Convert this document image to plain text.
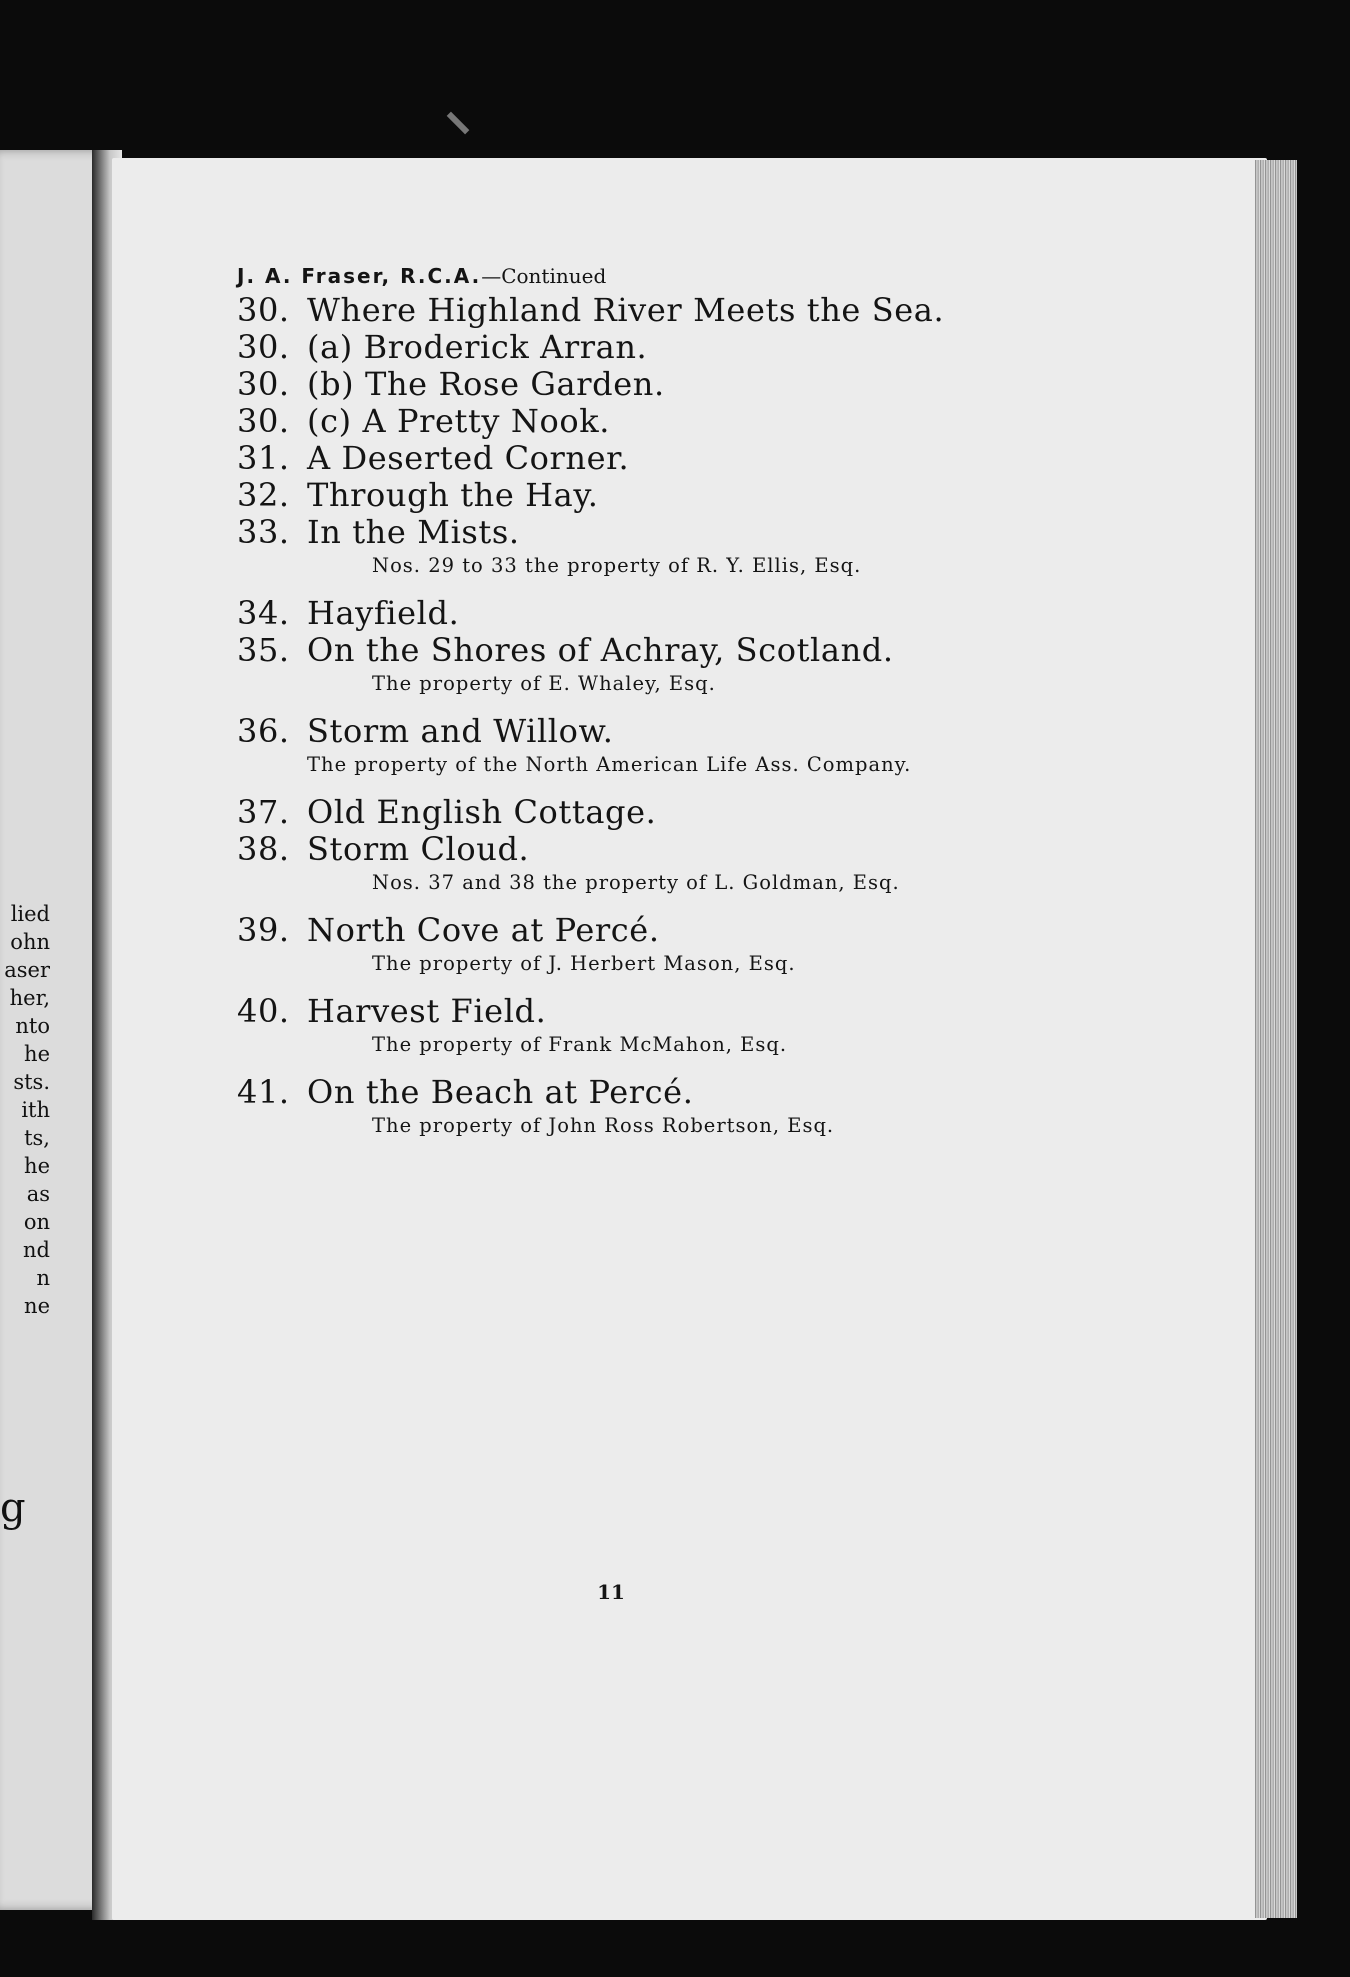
lied
ohn
aser
her,
nto
he
sts.
ith
ts,
he
as
on
nd
n
ne
g
J. A. Fraser, R.C.A.—Continued
30. Where Highland River Meets the Sea.
30. (a) Broderick Arran.
30. (b) The Rose Garden.
30. (c) A Pretty Nook.
31. A Deserted Corner.
32. Through the Hay.
33. In the Mists.
Nos. 29 to 33 the property of R. Y. Ellis, Esq.
34. Hayfield.
35. On the Shores of Achray, Scotland.
The property of E. Whaley, Esq.
36. Storm and Willow.
The property of the North American Life Ass. Company.
37. Old English Cottage.
38. Storm Cloud.
Nos. 37 and 38 the property of L. Goldman, Esq.
39. North Cove at Percé.
The property of J. Herbert Mason, Esq.
40. Harvest Field.
The property of Frank McMahon, Esq.
41. On the Beach at Percé.
The property of John Ross Robertson, Esq.
11
